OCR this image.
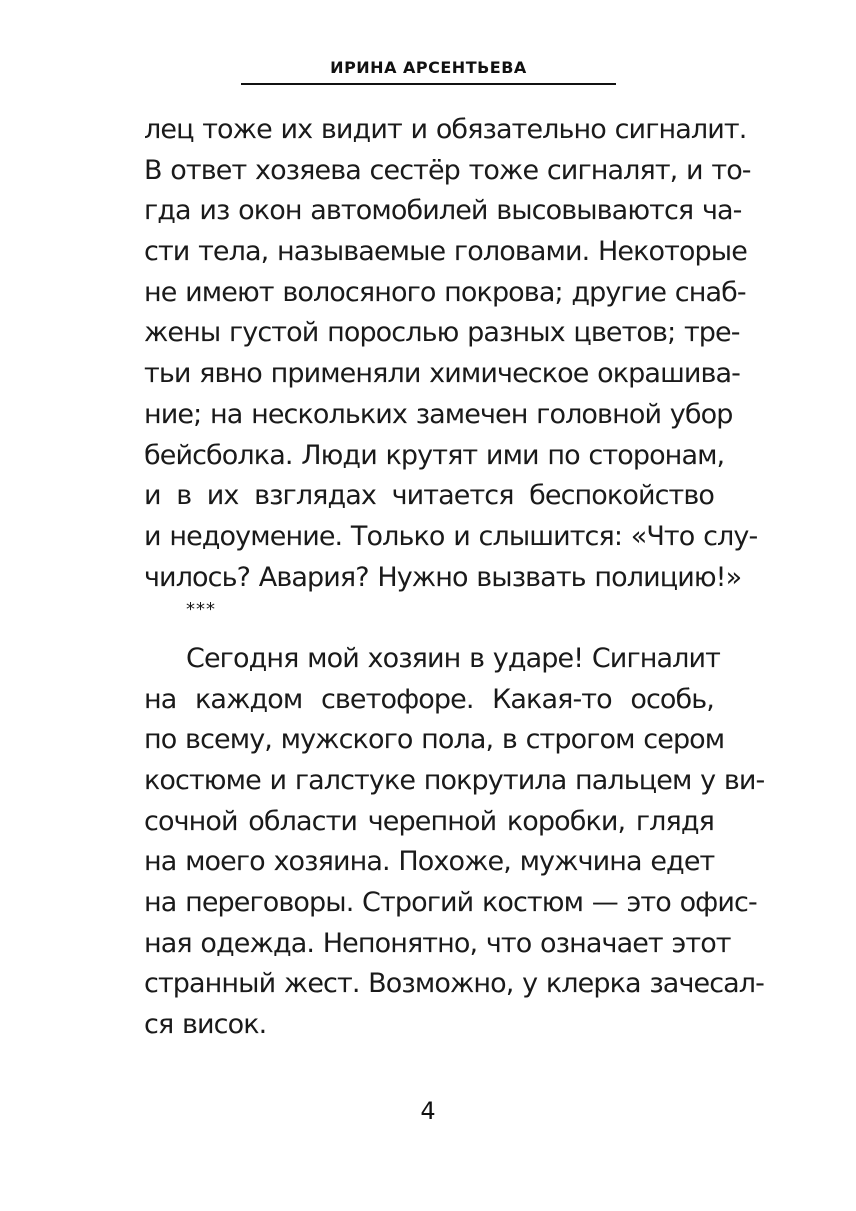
ИРИНА АРСЕНТЬЕВА
лец тоже их видит и обязательно сигналит.
В ответ хозяева сестёр тоже сигналят, и то-
гда из окон автомобилей высовываются ча-
сти тела, называемые головами. Некоторые
не имеют волосяного покрова; другие снаб-
жены густой порослью разных цветов; тре-
тьи явно применяли химическое окрашива-
ние; на нескольких замечен головной убор
бейсболка. Люди крутят ими по сторонам,
и в их взглядах читается беспокойство
и недоумение. Только и слышится: «Что слу-
чилось? Авария? Нужно вызвать полицию!»
***
Сегодня мой хозяин в ударе! Сигналит
на каждом светофоре. Какая-то особь,
по всему, мужского пола, в строгом сером
костюме и галстуке покрутила пальцем у ви-
сочной области черепной коробки, глядя
на моего хозяина. Похоже, мужчина едет
на переговоры. Строгий костюм — это офис-
ная одежда. Непонятно, что означает этот
странный жест. Возможно, у клерка зачесал-
ся висок.
4
